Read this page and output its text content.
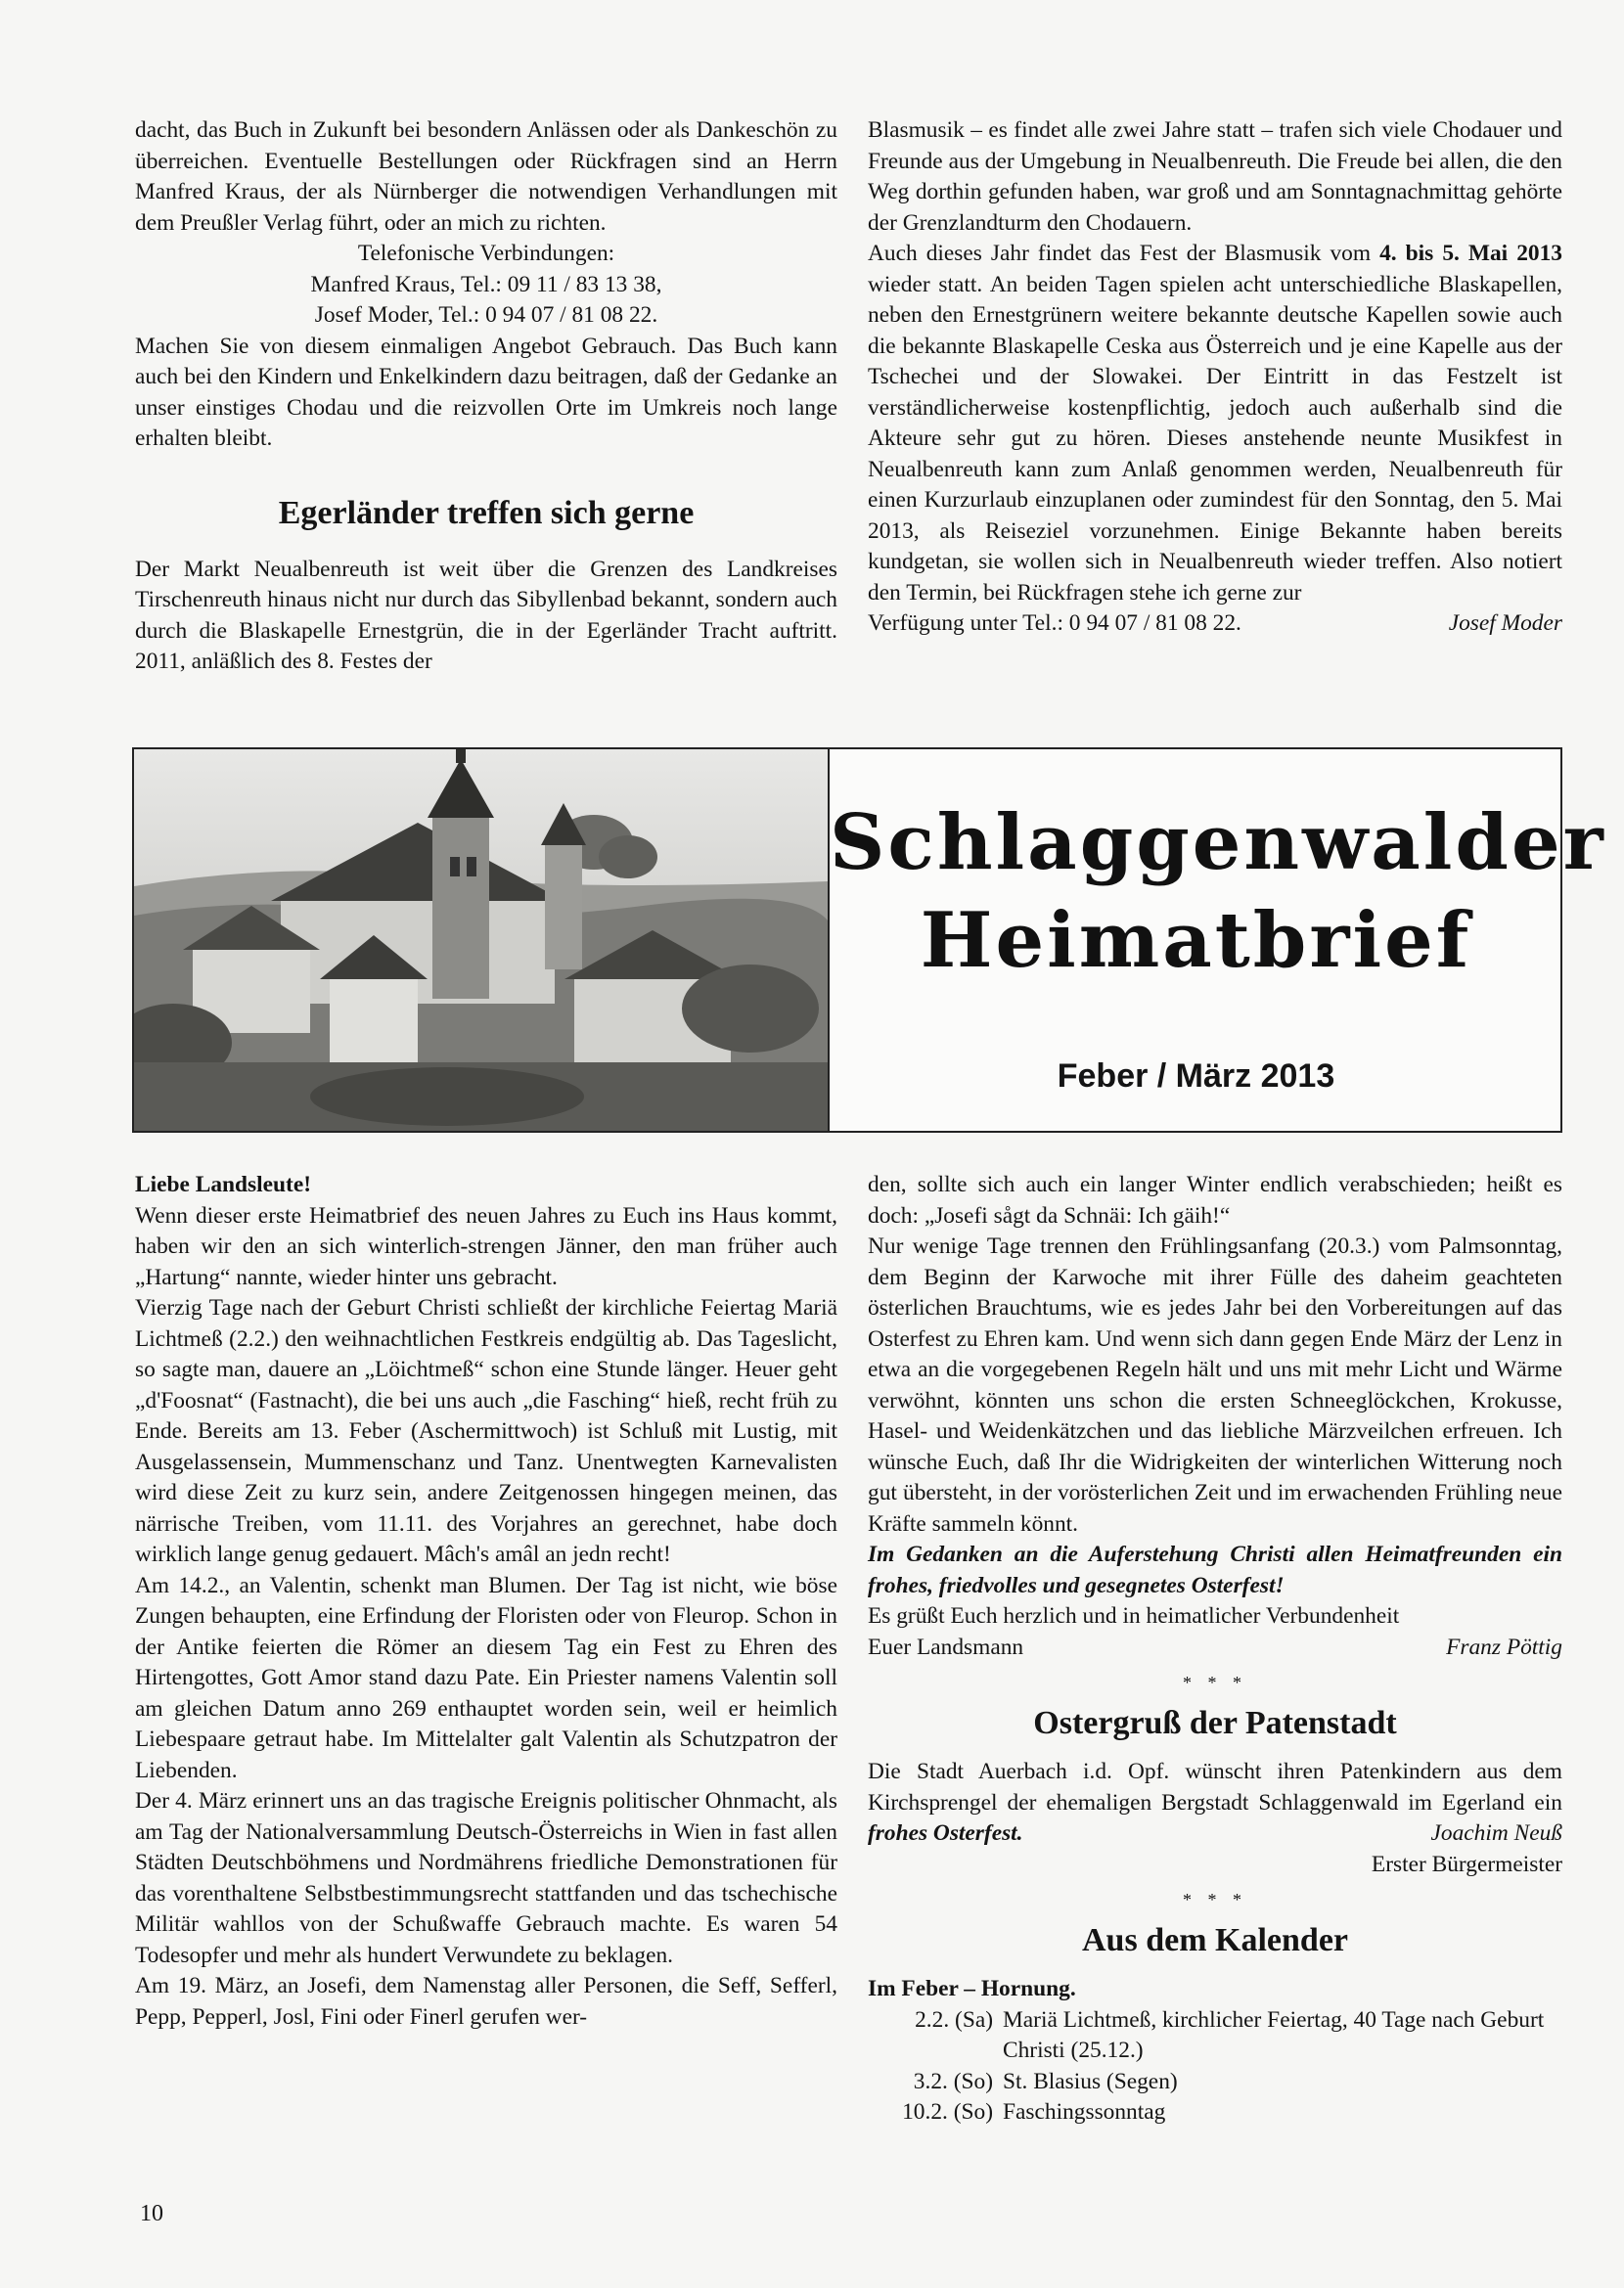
dacht, das Buch in Zukunft bei besondern Anlässen oder als Dankeschön zu überreichen. Eventuelle Bestellungen oder Rückfragen sind an Herrn Manfred Kraus, der als Nürnberger die notwendigen Verhandlungen mit dem Preußler Verlag führt, oder an mich zu richten.

Telefonische Verbindungen:

Manfred Kraus, Tel.: 09 11 / 83 13 38,

Josef Moder, Tel.: 0 94 07 / 81 08 22.

Machen Sie von diesem einmaligen Angebot Gebrauch. Das Buch kann auch bei den Kindern und Enkelkindern dazu beitragen, daß der Gedanke an unser einstiges Chodau und die reizvollen Orte im Umkreis noch lange erhalten bleibt.

Egerländer treffen sich gerne

Der Markt Neualbenreuth ist weit über die Grenzen des Landkreises Tirschenreuth hinaus nicht nur durch das Sibyllenbad bekannt, sondern auch durch die Blaskapelle Ernestgrün, die in der Egerländer Tracht auftritt. 2011, anläßlich des 8. Festes der

Blasmusik – es findet alle zwei Jahre statt – trafen sich viele Chodauer und Freunde aus der Umgebung in Neualbenreuth. Die Freude bei allen, die den Weg dorthin gefunden haben, war groß und am Sonntagnachmittag gehörte der Grenzlandturm den Chodauern.

Auch dieses Jahr findet das Fest der Blasmusik vom 4. bis 5. Mai 2013 wieder statt. An beiden Tagen spielen acht unterschiedliche Blaskapellen, neben den Ernestgrünern weitere bekannte deutsche Kapellen sowie auch die bekannte Blaskapelle Ceska aus Österreich und je eine Kapelle aus der Tschechei und der Slowakei. Der Eintritt in das Festzelt ist verständlicherweise kostenpflichtig, jedoch auch außerhalb sind die Akteure sehr gut zu hören. Dieses anstehende neunte Musikfest in Neualbenreuth kann zum Anlaß genommen werden, Neualbenreuth für einen Kurzurlaub einzuplanen oder zumindest für den Sonntag, den 5. Mai 2013, als Reiseziel vorzunehmen. Einige Bekannte haben bereits kundgetan, sie wollen sich in Neualbenreuth wieder treffen. Also notiert den Termin, bei Rückfragen stehe ich gerne zur

Verfügung unter Tel.: 0 94 07 / 81 08 22.	Josef Moder

Schlaggenwalder
Heimatbrief
Feber / März 2013

Liebe Landsleute!

Wenn dieser erste Heimatbrief des neuen Jahres zu Euch ins Haus kommt, haben wir den an sich winterlich-strengen Jänner, den man früher auch „Hartung“ nannte, wieder hinter uns gebracht.

Vierzig Tage nach der Geburt Christi schließt der kirchliche Feiertag Mariä Lichtmeß (2.2.) den weihnachtlichen Festkreis endgültig ab. Das Tageslicht, so sagte man, dauere an „Löichtmeß“ schon eine Stunde länger. Heuer geht „d'Foosnat“ (Fastnacht), die bei uns auch „die Fasching“ hieß, recht früh zu Ende. Bereits am 13. Feber (Aschermittwoch) ist Schluß mit Lustig, mit Ausgelassensein, Mummenschanz und Tanz. Unentwegten Karnevalisten wird diese Zeit zu kurz sein, andere Zeitgenossen hingegen meinen, das närrische Treiben, vom 11.11. des Vorjahres an gerechnet, habe doch wirklich lange genug gedauert. Mâch's amâl an jedn recht!

Am 14.2., an Valentin, schenkt man Blumen. Der Tag ist nicht, wie böse Zungen behaupten, eine Erfindung der Floristen oder von Fleurop. Schon in der Antike feierten die Römer an diesem Tag ein Fest zu Ehren des Hirtengottes, Gott Amor stand dazu Pate. Ein Priester namens Valentin soll am gleichen Datum anno 269 enthauptet worden sein, weil er heimlich Liebespaare getraut habe. Im Mittelalter galt Valentin als Schutzpatron der Liebenden.

Der 4. März erinnert uns an das tragische Ereignis politischer Ohnmacht, als am Tag der Nationalversammlung Deutsch-Österreichs in Wien in fast allen Städten Deutschböhmens und Nordmährens friedliche Demonstrationen für das vorenthaltene Selbstbestimmungsrecht stattfanden und das tschechische Militär wahllos von der Schußwaffe Gebrauch machte. Es waren 54 Todesopfer und mehr als hundert Verwundete zu beklagen.

Am 19. März, an Josefi, dem Namenstag aller Personen, die Seff, Sefferl, Pepp, Pepperl, Josl, Fini oder Finerl gerufen wer-

den, sollte sich auch ein langer Winter endlich verabschieden; heißt es doch: „Josefi sågt da Schnäi: Ich gäih!“

Nur wenige Tage trennen den Frühlingsanfang (20.3.) vom Palmsonntag, dem Beginn der Karwoche mit ihrer Fülle des daheim geachteten österlichen Brauchtums, wie es jedes Jahr bei den Vorbereitungen auf das Osterfest zu Ehren kam. Und wenn sich dann gegen Ende März der Lenz in etwa an die vorgegebenen Regeln hält und uns mit mehr Licht und Wärme verwöhnt, könnten uns schon die ersten Schneeglöckchen, Krokusse, Hasel- und Weidenkätzchen und das liebliche Märzveilchen erfreuen. Ich wünsche Euch, daß Ihr die Widrigkeiten der winterlichen Witterung noch gut übersteht, in der vorösterlichen Zeit und im erwachenden Frühling neue Kräfte sammeln könnt.

Im Gedanken an die Auferstehung Christi allen Heimatfreunden ein frohes, friedvolles und gesegnetes Osterfest!

Es grüßt Euch herzlich und in heimatlicher Verbundenheit

Euer Landsmann	Franz Pöttig

* * *

Ostergruß der Patenstadt

Die Stadt Auerbach i.d. Opf. wünscht ihren Patenkindern aus dem Kirchsprengel der ehemaligen Bergstadt Schlaggenwald im Egerland ein frohes Osterfest.	Joachim Neuß

Erster Bürgermeister

* * *

Aus dem Kalender

Im Feber – Hornung.

2.2. (Sa) Mariä Lichtmeß, kirchlicher Feiertag, 40 Tage nach Geburt Christi (25.12.)
3.2. (So) St. Blasius (Segen)
10.2. (So) Faschingssonntag
10
